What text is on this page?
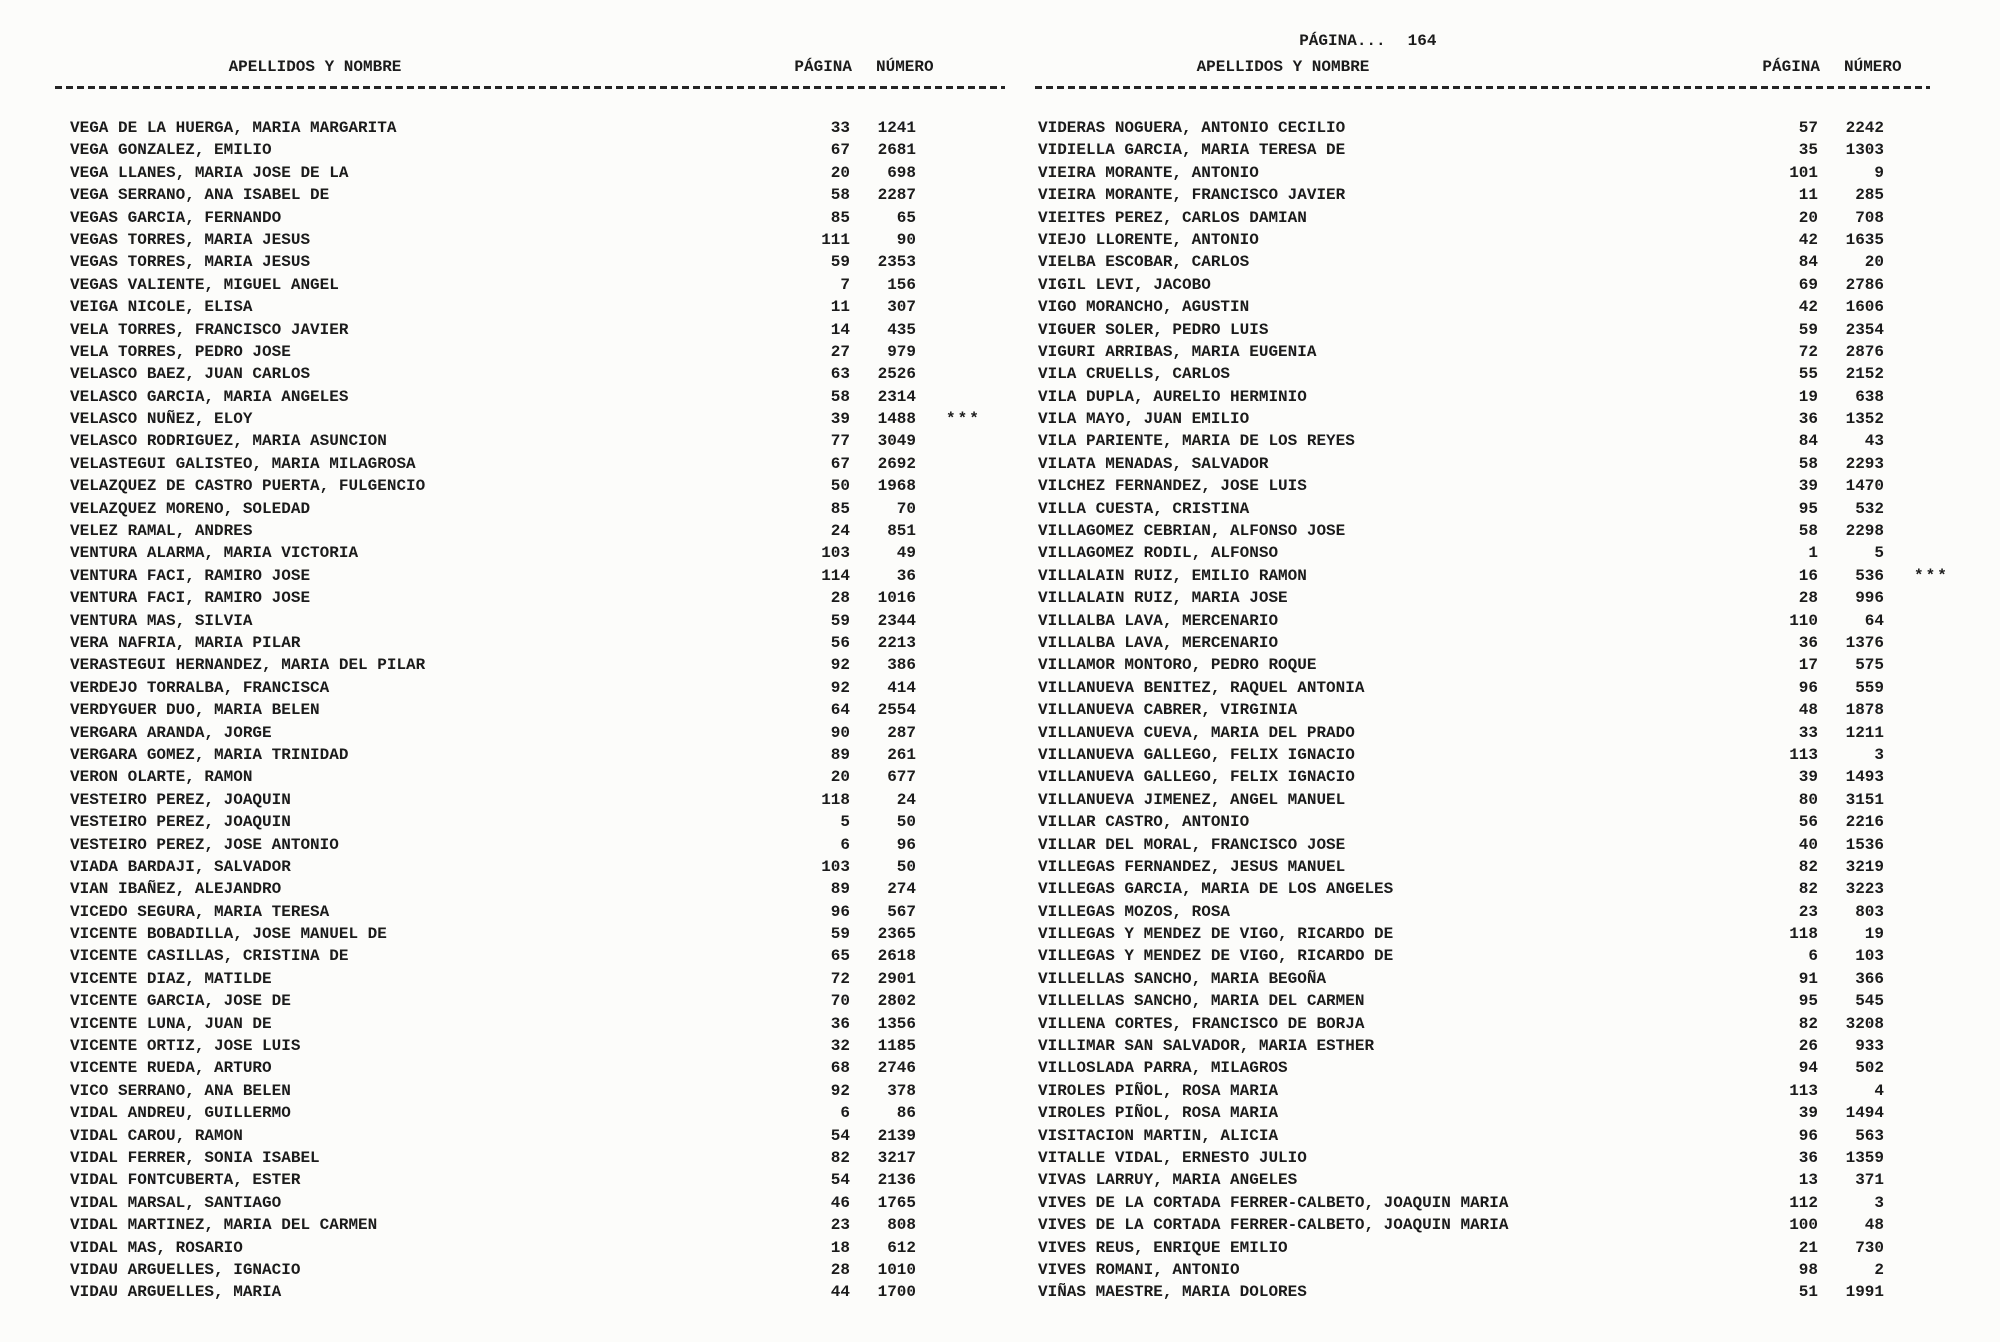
PÁGINA... 164

APELLIDOS Y NOMBRE	PÁGINA NÚMERO
VEGA DE LA HUERGA, MARIA MARGARITA	33	1241
VEGA GONZALEZ, EMILIO	67	2681
VEGA LLANES, MARIA JOSE DE LA	20	698
VEGA SERRANO, ANA ISABEL DE	58	2287
VEGAS GARCIA, FERNANDO	85	65
VEGAS TORRES, MARIA JESUS	111	90
VEGAS TORRES, MARIA JESUS	59	2353
VEGAS VALIENTE, MIGUEL ANGEL	7	156
VEIGA NICOLE, ELISA	11	307
VELA TORRES, FRANCISCO JAVIER	14	435
VELA TORRES, PEDRO JOSE	27	979
VELASCO BAEZ, JUAN CARLOS	63	2526
VELASCO GARCIA, MARIA ANGELES	58	2314
VELASCO NUÑEZ, ELOY	39	1488 ***
VELASCO RODRIGUEZ, MARIA ASUNCION	77	3049
VELASTEGUI GALISTEO, MARIA MILAGROSA	67	2692
VELAZQUEZ DE CASTRO PUERTA, FULGENCIO	50	1968
VELAZQUEZ MORENO, SOLEDAD	85	70
VELEZ RAMAL, ANDRES	24	851
VENTURA ALARMA, MARIA VICTORIA	103	49
VENTURA FACI, RAMIRO JOSE	114	36
VENTURA FACI, RAMIRO JOSE	28	1016
VENTURA MAS, SILVIA	59	2344
VERA NAFRIA, MARIA PILAR	56	2213
VERASTEGUI HERNANDEZ, MARIA DEL PILAR	92	386
VERDEJO TORRALBA, FRANCISCA	92	414
VERDYGUER DUO, MARIA BELEN	64	2554
VERGARA ARANDA, JORGE	90	287
VERGARA GOMEZ, MARIA TRINIDAD	89	261
VERON OLARTE, RAMON	20	677
VESTEIRO PEREZ, JOAQUIN	118	24
VESTEIRO PEREZ, JOAQUIN	5	50
VESTEIRO PEREZ, JOSE ANTONIO	6	96
VIADA BARDAJI, SALVADOR	103	50
VIAN IBAÑEZ, ALEJANDRO	89	274
VICEDO SEGURA, MARIA TERESA	96	567
VICENTE BOBADILLA, JOSE MANUEL DE	59	2365
VICENTE CASILLAS, CRISTINA DE	65	2618
VICENTE DIAZ, MATILDE	72	2901
VICENTE GARCIA, JOSE DE	70	2802
VICENTE LUNA, JUAN DE	36	1356
VICENTE ORTIZ, JOSE LUIS	32	1185
VICENTE RUEDA, ARTURO	68	2746
VICO SERRANO, ANA BELEN	92	378
VIDAL ANDREU, GUILLERMO	6	86
VIDAL CAROU, RAMON	54	2139
VIDAL FERRER, SONIA ISABEL	82	3217
VIDAL FONTCUBERTA, ESTER	54	2136
VIDAL MARSAL, SANTIAGO	46	1765
VIDAL MARTINEZ, MARIA DEL CARMEN	23	808
VIDAL MAS, ROSARIO	18	612
VIDAU ARGUELLES, IGNACIO	28	1010
VIDAU ARGUELLES, MARIA	44	1700
APELLIDOS Y NOMBRE	PÁGINA NÚMERO
VIDERAS NOGUERA, ANTONIO CECILIO	57	2242
VIDIELLA GARCIA, MARIA TERESA DE	35	1303
VIEIRA MORANTE, ANTONIO	101	9
VIEIRA MORANTE, FRANCISCO JAVIER	11	285
VIEITES PEREZ, CARLOS DAMIAN	20	708
VIEJO LLORENTE, ANTONIO	42	1635
VIELBA ESCOBAR, CARLOS	84	20
VIGIL LEVI, JACOBO	69	2786
VIGO MORANCHO, AGUSTIN	42	1606
VIGUER SOLER, PEDRO LUIS	59	2354
VIGURI ARRIBAS, MARIA EUGENIA	72	2876
VILA CRUELLS, CARLOS	55	2152
VILA DUPLA, AURELIO HERMINIO	19	638
VILA MAYO, JUAN EMILIO	36	1352
VILA PARIENTE, MARIA DE LOS REYES	84	43
VILATA MENADAS, SALVADOR	58	2293
VILCHEZ FERNANDEZ, JOSE LUIS	39	1470
VILLA CUESTA, CRISTINA	95	532
VILLAGOMEZ CEBRIAN, ALFONSO JOSE	58	2298
VILLAGOMEZ RODIL, ALFONSO	1	5
VILLALAIN RUIZ, EMILIO RAMON	16	536 ***
VILLALAIN RUIZ, MARIA JOSE	28	996
VILLALBA LAVA, MERCENARIO	110	64
VILLALBA LAVA, MERCENARIO	36	1376
VILLAMOR MONTORO, PEDRO ROQUE	17	575
VILLANUEVA BENITEZ, RAQUEL ANTONIA	96	559
VILLANUEVA CABRER, VIRGINIA	48	1878
VILLANUEVA CUEVA, MARIA DEL PRADO	33	1211
VILLANUEVA GALLEGO, FELIX IGNACIO	113	3
VILLANUEVA GALLEGO, FELIX IGNACIO	39	1493
VILLANUEVA JIMENEZ, ANGEL MANUEL	80	3151
VILLAR CASTRO, ANTONIO	56	2216
VILLAR DEL MORAL, FRANCISCO JOSE	40	1536
VILLEGAS FERNANDEZ, JESUS MANUEL	82	3219
VILLEGAS GARCIA, MARIA DE LOS ANGELES	82	3223
VILLEGAS MOZOS, ROSA	23	803
VILLEGAS Y MENDEZ DE VIGO, RICARDO DE	118	19
VILLEGAS Y MENDEZ DE VIGO, RICARDO DE	6	103
VILLELLAS SANCHO, MARIA BEGOÑA	91	366
VILLELLAS SANCHO, MARIA DEL CARMEN	95	545
VILLENA CORTES, FRANCISCO DE BORJA	82	3208
VILLIMAR SAN SALVADOR, MARIA ESTHER	26	933
VILLOSLADA PARRA, MILAGROS	94	502
VIROLES PIÑOL, ROSA MARIA	113	4
VIROLES PIÑOL, ROSA MARIA	39	1494
VISITACION MARTIN, ALICIA	96	563
VITALLE VIDAL, ERNESTO JULIO	36	1359
VIVAS LARRUY, MARIA ANGELES	13	371
VIVES DE LA CORTADA FERRER-CALBETO, JOAQUIN MARIA	112	3
VIVES DE LA CORTADA FERRER-CALBETO, JOAQUIN MARIA	100	48
VIVES REUS, ENRIQUE EMILIO	21	730
VIVES ROMANI, ANTONIO	98	2
VIÑAS MAESTRE, MARIA DOLORES	51	1991
